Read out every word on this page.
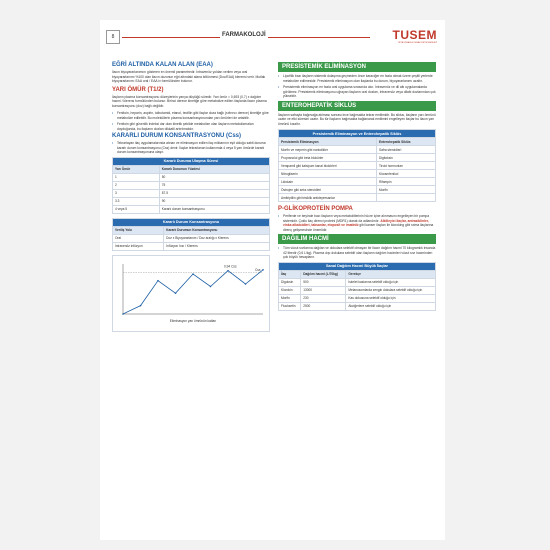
8	FARMAKOLOJİ	TUSEM
TIPTA UZMANLIK SINAV EĞİTİM MERKEZİ
EĞRİ ALTINDA KALAN ALAN (EAA)
İlacın biyoyararlanımını gösteren en önemli parametredir. İntravenöz yoldan verilen veya oral biyoyararlanımı %100 olan ilacın dozunun eğri altındaki alana bölünmesi (Doz/EAA) klerensi verir. Mutlak biyoyararlanım: EAA oral / EAA iv formülünden bulunur.
YARI ÖMÜR (T1/2)
İlaçların plazma konsantrasyonu düzeylerinin yarıya düştüğü süredir. Yarı ömür = 0,693 (0,7) x dağılım hacmi / klerens formülünden bulunur. Birinci derece kinetiğe göre metabolize edilen ilaçlarda ilacın plazma konsantrasyonu (doz) bağlı değildir.
• Fenitoin, heparin, aspirin, tolbutamid, etanol, teofilin gibi ilaçlar doza bağlı (sıfırıncı derece) kinetiğe göre metabolize edilebilir. Bu moleküllerin plazma konsantrasyonundan yarı ömürleri de artabilir.
• Fenitoin gibi güvenlik indeksi dar olan kinetik şekilde metabolize olan ilaçların metabolizmaları doyduğunda, bu ilaçların dozları dikkatli artırılmalıdır.
KARARLI DURUM KONSANTRASYONU (Css)
• Tekrarlayan ilaç uygulamalarında alınan ve eliminasyon edilen ilaç miktarının eşit olduğu sabit duruma kararlı durum konsantrasyonu (Css) denir. İlaçlar tekrarlanan kullanımda 4 veya 5 yarı ömürde kararlı durum konsantrasyonuna ulaşır.
Kararlı Duruma Ulaşma Süresi	
Yarı Ömür	Kararlı Durumun Yüzdesi
1	50
2	75
3	87.5
3.3	90
4 veya 5	Kararlı durum konsantrasyonu
Kararlı Durum Konsantrasyonu	
Veriliş Yolu	Kararlı Durumun Konsantrasyonu
Oral	Doz x Biyoyararlanım / Doz aralığı x Klerens
İntravenöz infüzyon	İnfüzyon hızı / Klerens
0,94 Css
Css
Eliminasyon yarı ömrünün katları
PRESİSTEMİK ELİMİNASYON
• Lipofilik bazı ilaçların sistemik dolaşıma geçmeden önce karaciğer en fazla olmak üzere çeşitli yerlerde metabolize edilmesidir. Presistemik eliminasyon olan ilaçlarda bu durum, biyoyararlanımı azaltır.
• Presistemik eliminasyon en fazla oral uygulama sırasında olur. İntravenöz ve dil altı uygulamalarda görülmez. Presistemik eliminasyonu uğrayan ilaçların oral dozları, intravenöz veya dilaltı dozlarından çok yüksektir.
ENTEROHEPATİK SİKLÜS
İlaçların safrayla bağırsağa atılması sonrası ince bağırsakta tekrar emilimidir. Bu siklus, ilaçların yarı ömrünü uzatır ve etki süresini uzatır. Bu tür ilaçların bağırsakta bağlanarak emilimini engelleyen ilaçlar bu ilacın yarı ömrünü kısaltır.
Presistemik Eliminasyon ve Enterohepatik Siklüs	
Presistemik Eliminasyon	Enterohepatik Siklüs
Morfin ve meperin gibi narkotikler	Safra steroidleri
Propranolol gibi beta blokörler	Digitoksin
Verapamil gibi kalsiyum kanal blokörleri	Tiroid hormonları
Nitrogliserin	Kloramfenikol
Lidokain	Rifampin
Östrojen gibi seks steroidleri	Morfin
Amitriptilin gibi trisiklik antidepresanlar	
P-GLİKOPROTEİN POMPA
• Periferde ve beyinde bazı ilaçların veya metabolitlerinin hücre içine alınmasını engelleyen bir pompa sistemidir. Çoklu ilaç direnci proteini (MDR1) olarak da adlandırılır. Alkilleyici ilaçlar, antrasiklinler, vinka alkaloidleri, taksanlar, etoposit ve imatinib gibi kanser ilaçları ile kloroking gibi sıtma ilaçlarına direnç gelişmesinde önemlidir.
DAĞILIM HACMİ
• Tüm vücut sıvılarına dağılan ve dokulara selektif olmayan bir ilacın dağılım hacmi 70 kilogramlık insanda 42 litredir (0,6 L/kg). Plazma dışı dokulara selektif olan ilaçların dağılım hacimleri vücut sıvı hacminden çok büyük hesaplanır.
Sanal Dağılım Hacmi Büyük İlaçlar		
İlaç	Dağılım hacmi (L/70kg)	Gerekçe
Digoksin	500	İskelet kaslarına selektif olduğu için
Klorokin	13000	Melanosomlarda zengin dokulara selektif olduğu için
Morfin	230	Kas dokusuna selektif olduğu için
Fluoksetin	2500	Akciğerlere selektif olduğu için
